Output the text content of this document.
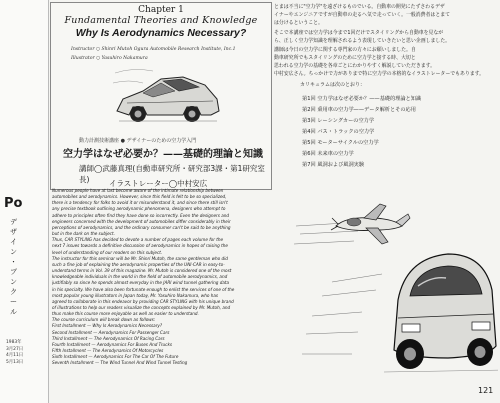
Po
デ
ザ
イ
ン
・
ブ
ン
ク
ー
ル
1983年
3月27日
4月11日
5月13日
Chapter 1
Fundamental Theories and Knowledge
Why Is Aerodynamics Necessary?
Instructor ○ Shinri Mutoh Ogura Automobile Research Institute, Inc.1
Illustrator ○ Yasuhiro Nakamura
動力計測技術講座 ● デザイナーのための空力学入門
空力学はなぜ必要か？——基礎的理論と知識
講師◯武藤真理(自動車研究所・研究部3課・第1研究室長)	イラストレーター◯中村安広
とまは不当に"空力学"を遠ざけるものでいる。自動車の開発にたずさわるデザ
イナーやエンジニアですが自動車の走るへ気で走っていく。一般消費者はとまて
は分けるということ。
そこで本講座では空力学は今まで1回だけでスタイリングから自動車を見なが
ら、正しく空力学知識を理解されるよう表現していきたいと思い企画しました。
講師は今日の空力学に関する専門家の方々にお願いしました。自
動車研究所でもスタイリングのために空力学と接する時、大切と
思われる空力学の基礎を各章ごとにわかりやすく解説していただきます。
中村安広さん。ちっかけで力がありまで特に空力学の本格的なイラストレーターでもあります。
カリキュラムは次のとおり：
第1回 空力学はなぜ必要か？——基礎的理論と知識
第2回 乗用車の空力学——データ解析とその応用
第3回 レーシングカーの空力学
第4回 バス・トラックの空力学
第5回 モーターサイクルの空力学
第6回 未来車の空力学
第7回 風洞および風洞実験
Numerous people have at last become aware of the intimate relationship between
automobiles and aerodynamics. However, since this field is felt to be so specialized,
there is a tendency for folks to avoid it or misunderstand it, and since there still isn't
any precise textbook outlining aerodynamic phenomena, designers who attempt to
adhere to principles often find they have done so incorrectly. Even the designers and
engineers concerned with the development of automobiles differ considerably in their
perceptions of aerodynamics, and the ordinary consumer can't be said to be anything
but in the dark on the subject.
Thus, CAR STYLING has decided to devote a number of pages each volume for the
next 7 issues towards a definitive discussion of aerodynamics in hopes of raising the
level of understanding of our readers on this subject.
The instructor for this seminar will be Mr. Shinri Mutoh, the same gentleman who did
such a fine job of explaining the aerodynamic properties of the UNI-CAR in easy-to-
understand terms in Vol. 39 of this magazine. Mr. Mutoh is considered one of the most
knowledgeable individuals in the world in the field of automobile aerodynamics, and
justifiably so since he spends almost everyday in the JARI wind tunnel gathering data
in his specialty. We have also been fortunate enough to enlist the services of one of the
most popular young illustrators in Japan today, Mr. Yasuhiro Nakamura, who has
agreed to collaborate in this endeavor by providing CAR STYLING with his unique brand
of illustrations to help our readers visualize the concepts explained by Mr. Mutoh, and
thus make this course more enjoyable as well as easier to understand.
The course curriculum will break down as follows:
First Installment — Why Is Aerodynamics Necessary?
Second Installment — Aerodynamics For Passenger Cars
Third Installment — The Aerodynamics Of Racing Cars
Fourth Installment — Aerodynamics For Buses And Trucks
Fifth Installment — The Aerodynamics Of Motorcycles
Sixth Installment — Aerodynamics For The Car Of The Future
Seventh Installment — The Wind Tunnel And Wind Tunnel Testing
121
